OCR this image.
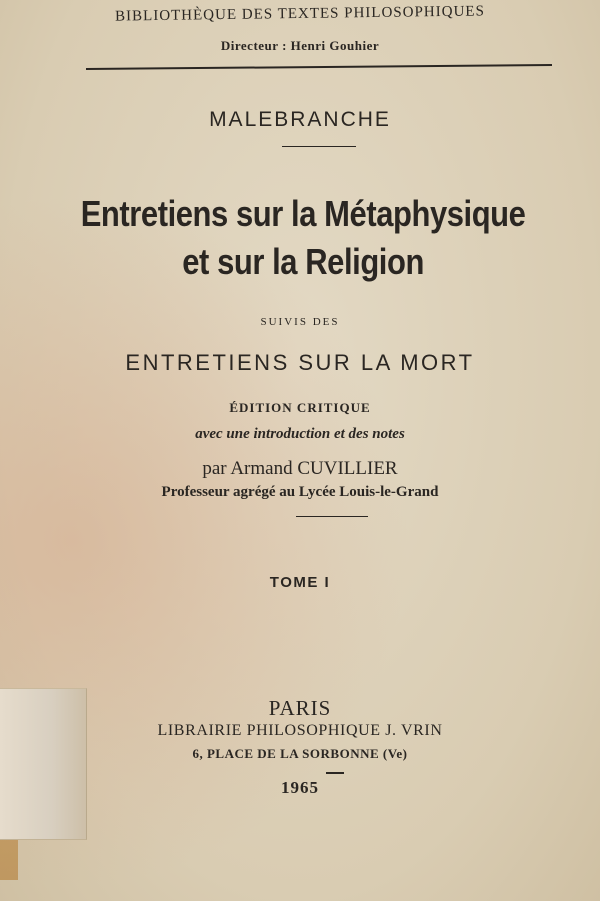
BIBLIOTHÈQUE DES TEXTES PHILOSOPHIQUES
Directeur : Henri Gouhier
MALEBRANCHE
Entretiens sur la Métaphysique
et sur la Religion
SUIVIS DES
ENTRETIENS SUR LA MORT
ÉDITION CRITIQUE
avec une introduction et des notes
par Armand CUVILLIER
Professeur agrégé au Lycée Louis-le-Grand
TOME I
PARIS
LIBRAIRIE PHILOSOPHIQUE J. VRIN
6, PLACE DE LA SORBONNE (Ve)
1965
